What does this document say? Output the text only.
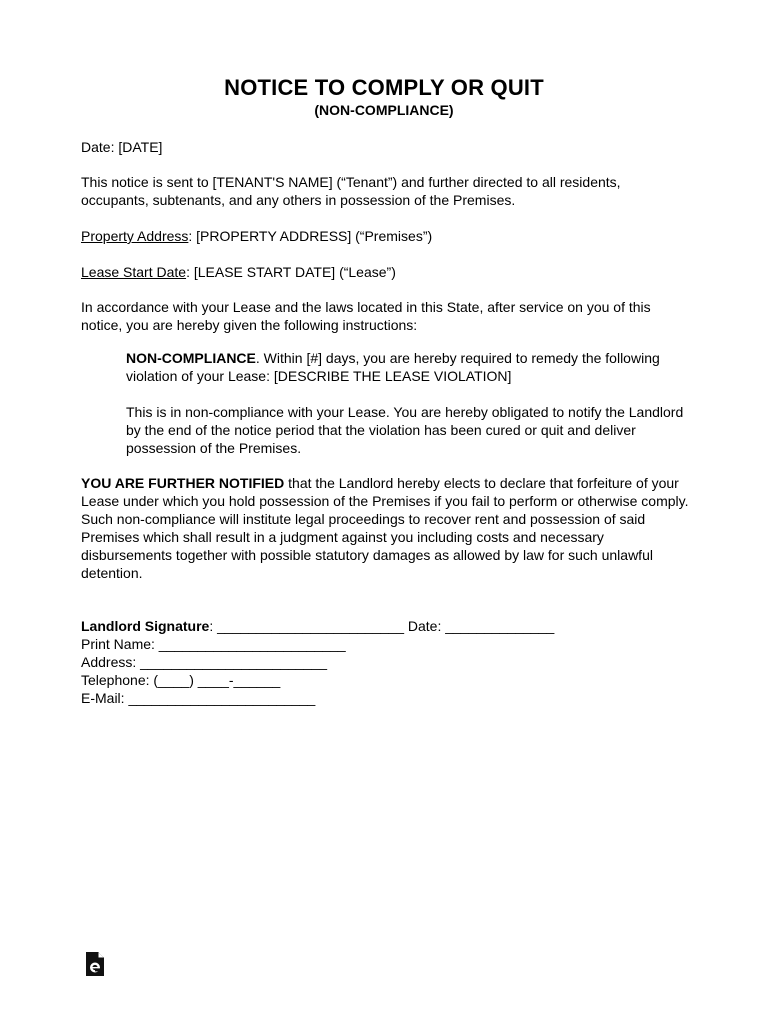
NOTICE TO COMPLY OR QUIT
(NON-COMPLIANCE)
Date: [DATE]
This notice is sent to [TENANT'S NAME] (“Tenant”) and further directed to all residents, occupants, subtenants, and any others in possession of the Premises.
Property Address: [PROPERTY ADDRESS] (“Premises”)
Lease Start Date: [LEASE START DATE] (“Lease”)
In accordance with your Lease and the laws located in this State, after service on you of this notice, you are hereby given the following instructions:
NON-COMPLIANCE. Within [#] days, you are hereby required to remedy the following violation of your Lease: [DESCRIBE THE LEASE VIOLATION]
This is in non-compliance with your Lease. You are hereby obligated to notify the Landlord by the end of the notice period that the violation has been cured or quit and deliver possession of the Premises.
YOU ARE FURTHER NOTIFIED that the Landlord hereby elects to declare that forfeiture of your Lease under which you hold possession of the Premises if you fail to perform or otherwise comply. Such non-compliance will institute legal proceedings to recover rent and possession of said Premises which shall result in a judgment against you including costs and necessary disbursements together with possible statutory damages as allowed by law for such unlawful detention.
Landlord Signature: ________________________ Date: ______________
Print Name: ________________________
Address: ________________________
Telephone: (____) ____-______
E-Mail: ________________________
